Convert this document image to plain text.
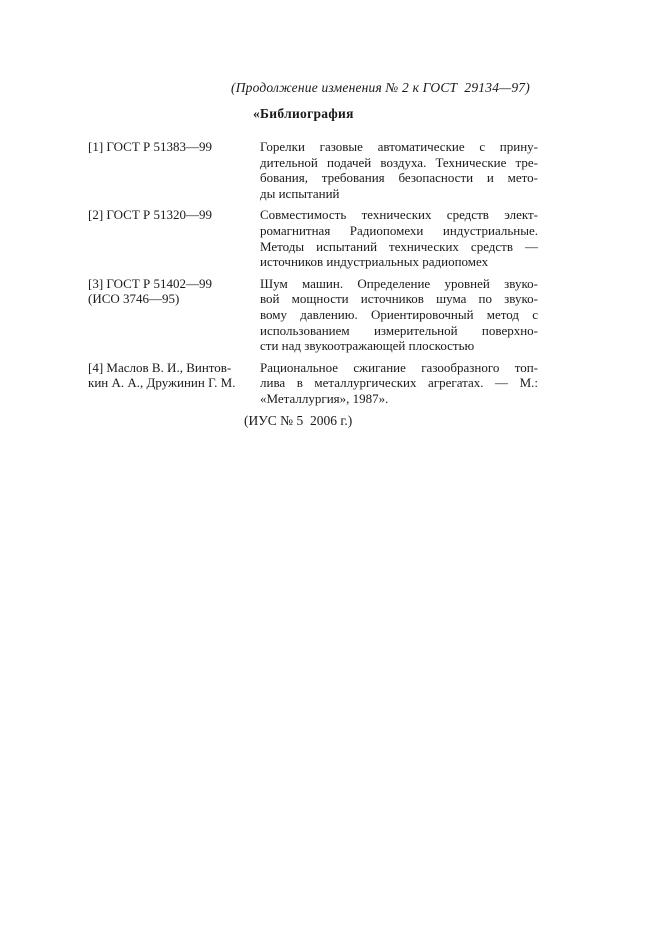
(Продолжение изменения № 2 к ГОСТ  29134—97)
«Библиография
[1] ГОСТ Р 51383—99	Горелки газовые автоматические с прину-
дительной подачей воздуха. Технические тре-
бования, требования безопасности и мето-
ды испытаний
[2] ГОСТ Р 51320—99	Совместимость технических средств элект-
ромагнитная Радиопомехи индустриальные.
Методы испытаний технических средств —
источников индустриальных радиопомех
[3] ГОСТ Р 51402—99
(ИСО 3746—95)
Шум машин. Определение уровней звуко-
вой мощности источников шума по звуко-
вому давлению. Ориентировочный метод с
использованием измерительной поверхно-
сти над звукоотражающей плоскостью
[4] Маслов В. И., Винтов-
кин А. А., Дружинин Г. М.
Рациональное сжигание газообразного топ-
лива в металлургических агрегатах. — М.:
«Металлургия», 1987».
(ИУС № 5  2006 г.)
